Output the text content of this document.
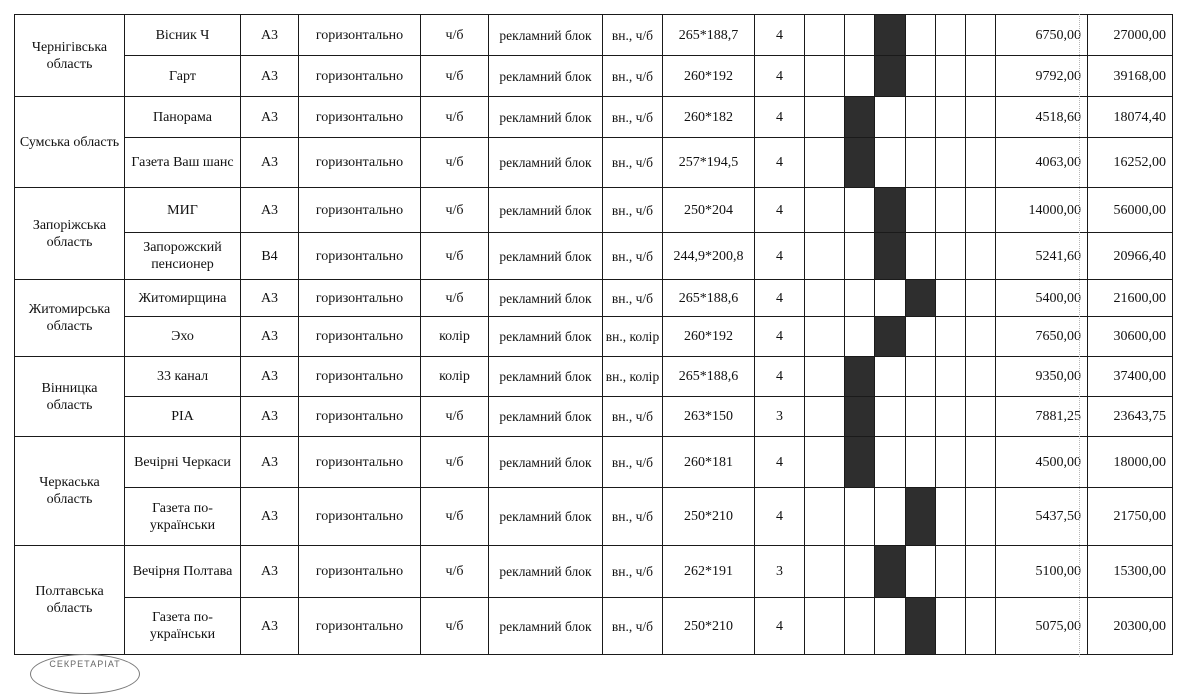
Чернігівська область	Вісник Ч	А3	горизонтально	ч/б	рекламний блок	вн., ч/б	265*188,7	4							6750,00	27000,00
	Гарт	А3	горизонтально	ч/б	рекламний блок	вн., ч/б	260*192	4							9792,00	39168,00
Сумська область	Панорама	А3	горизонтально	ч/б	рекламний блок	вн., ч/б	260*182	4							4518,60	18074,40
	Газета Ваш шанс	А3	горизонтально	ч/б	рекламний блок	вн., ч/б	257*194,5	4							4063,00	16252,00
Запоріжська область	МИГ	А3	горизонтально	ч/б	рекламний блок	вн., ч/б	250*204	4							14000,00	56000,00
	Запорожский пенсионер	В4	горизонтально	ч/б	рекламний блок	вн., ч/б	244,9*200,8	4							5241,60	20966,40
Житомирська область	Житомирщина	А3	горизонтально	ч/б	рекламний блок	вн., ч/б	265*188,6	4							5400,00	21600,00
	Эхо	А3	горизонтально	колір	рекламний блок	вн., колір	260*192	4							7650,00	30600,00
Вінницка область	33 канал	А3	горизонтально	колір	рекламний блок	вн., колір	265*188,6	4							9350,00	37400,00
	РІА	А3	горизонтально	ч/б	рекламний блок	вн., ч/б	263*150	3							7881,25	23643,75
Черкаська область	Вечірні Черкаси	А3	горизонтально	ч/б	рекламний блок	вн., ч/б	260*181	4							4500,00	18000,00
	Газета по-українськи	А3	горизонтально	ч/б	рекламний блок	вн., ч/б	250*210	4							5437,50	21750,00
Полтавська область	Вечірня Полтава	А3	горизонтально	ч/б	рекламний блок	вн., ч/б	262*191	3							5100,00	15300,00
	Газета по-українськи	А3	горизонтально	ч/б	рекламний блок	вн., ч/б	250*210	4							5075,00	20300,00
СЕКРЕТАРІАТ
